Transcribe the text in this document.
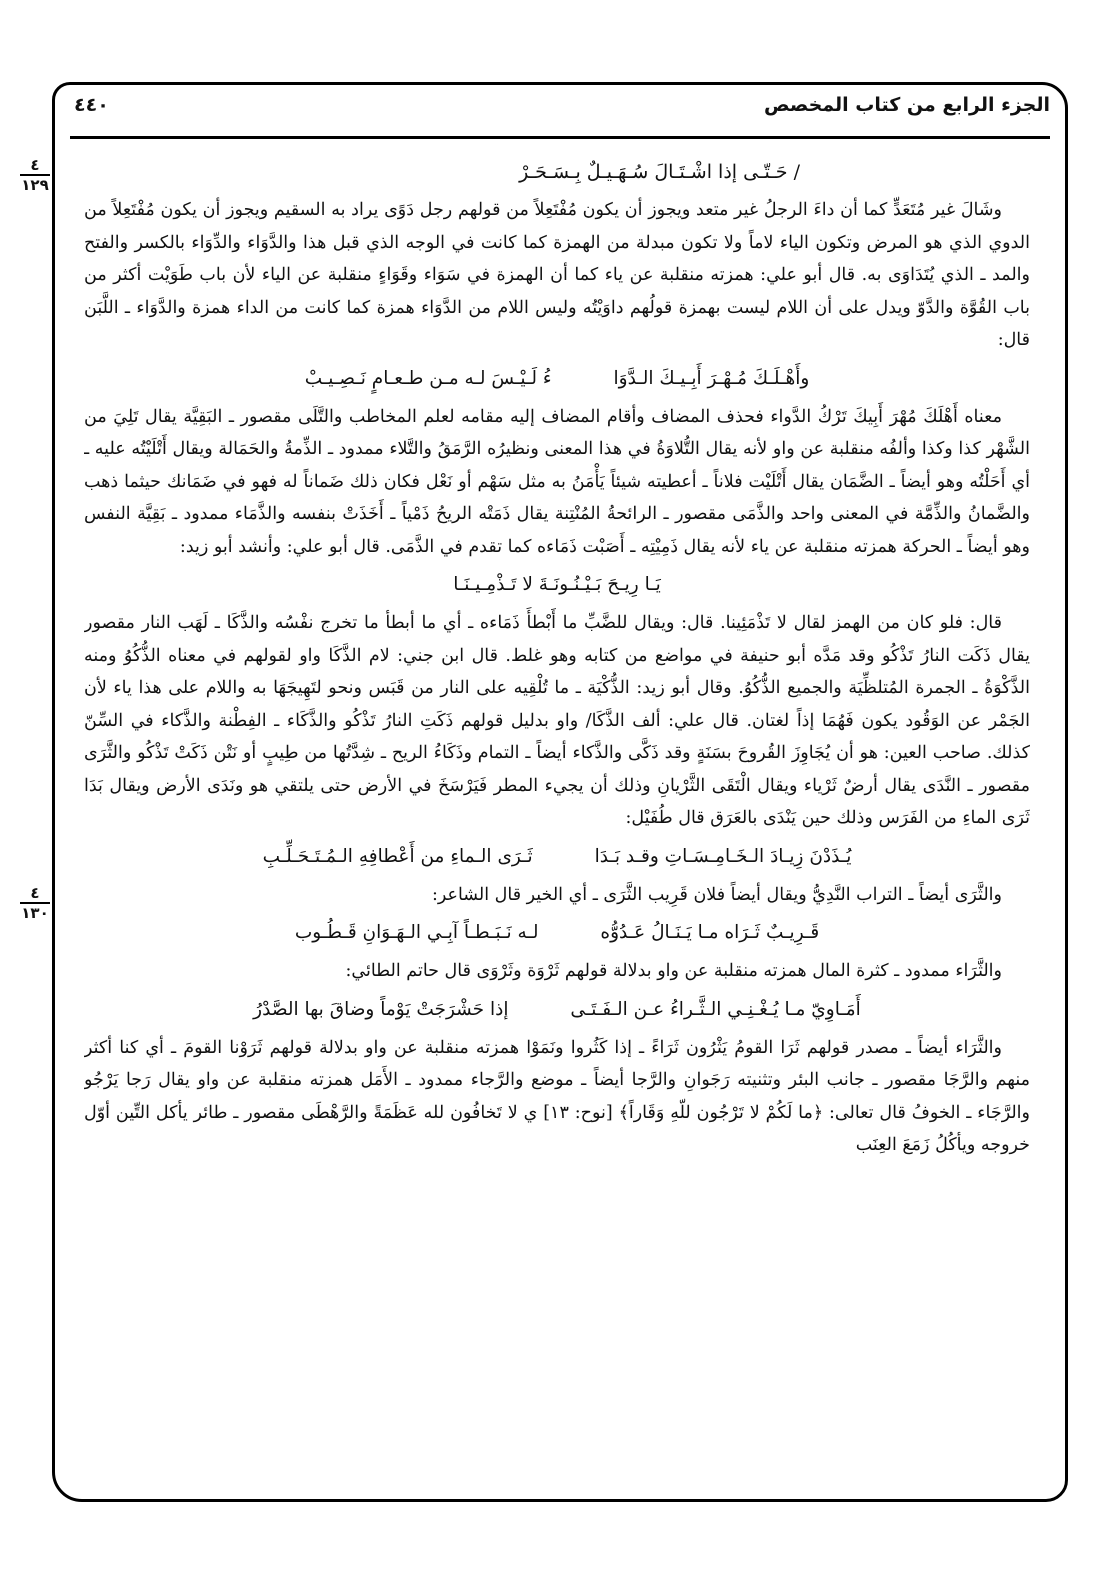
الجزء الرابع من كتاب المخصص
٤٤٠
٤
١٢٩
٤
١٣٠

/ حَـتّـى إذا اشْـتَـالَ سُـهَـيـلٌ بِـسَـحَـرْ

وشَالَ غير مُتَعَدٍّ كما أن داءَ الرجلُ غير متعد ويجوز أن يكون مُفْتَعِلاً من قولهم رجل دَوًى يراد به السقيم ويجوز أن يكون مُفْتَعِلاً من الدوي الذي هو المرض وتكون الياء لاماً ولا تكون مبدلة من الهمزة كما كانت في الوجه الذي قبل هذا والدَّوَاء والدِّوَاء بالكسر والفتح والمد ـ الذي يُتَدَاوَى به. قال أبو علي: همزته منقلبة عن ياء كما أن الهمزة في سَوَاء وقَوَاءٍ منقلبة عن الياء لأن باب طَوَيْت أكثر من باب القُوَّة والدَّوّ ويدل على أن اللام ليست بهمزة قولُهم داوَيْتُه وليس اللام من الدَّوَاء همزة كما كانت من الداء همزة والدَّوَاء ـ اللَّبَن قال:

وأَهْـلَـكَ مُـهْـرَ أَبِـيـكَ الـدَّوَا ءُ لَـيْـسَ لـه مـن طـعـامٍ نَـصِـيـبْ

معناه أَهْلَكَ مُهْرَ أَبِيكَ تَرْكُ الدَّواء فحذف المضاف وأقام المضاف إليه مقامه لعلم المخاطب والتَّلَى مقصور ـ البَقِيَّة يقال تَلِيَ من الشَّهْر كذا وكذا وألفُه منقلبة عن واو لأنه يقال التُّلاوَةُ في هذا المعنى ونظيرُه الرَّمَقُ والتَّلاء ممدود ـ الذِّمةُ والحَمَالة ويقال أَتْلَيْتُه عليه ـ أي أَحَلْتُه وهو أيضاً ـ الضَّمَان يقال أَتْلَيْت فلاناً ـ أعطيته شيئاً يَأْمَنُ به مثل سَهْم أو نَعْل فكان ذلك ضَماناً له فهو في ضَمَانك حيثما ذهب والضَّمانُ والذِّمَّة في المعنى واحد والذَّمَى مقصور ـ الرائحةُ المُنْتِنة يقال ذَمَتْه الريحُ ذَمْياً ـ أَخَذَتْ بنفسه والذَّمَاء ممدود ـ بَقِيَّة النفس وهو أيضاً ـ الحركة همزته منقلبة عن ياء لأنه يقال ذَمِيْتِه ـ أَصَبْت ذَمَاءه كما تقدم في الذَّمَى. قال أبو علي: وأنشد أبو زيد:

يَـا رِيـحَ بَـيْـنُـونَـةَ لا تَـذْمِـيـنَـا

قال: فلو كان من الهمز لقال لا تَذْمَئِينا. قال: ويقال للضَّبِّ ما أَبْطأَ ذَمَاءه ـ أي ما أبطأ ما تخرج نفْسُه والذَّكَا ـ لَهَب النار مقصور يقال ذَكَت النارُ تَذْكُو وقد مَدَّه أبو حنيفة في مواضع من كتابه وهو غلط. قال ابن جني: لام الذَّكَا واو لقولهم في معناه الذُّكُوُ ومنه الذَّكْوَةُ ـ الجمرة المُتلظِّيَة والجميع الذُّكُوُ. وقال أبو زيد: الذُّكْيَة ـ ما تُلْقِيه على النار من قَبَس ونحو لتَهِيجَهَا به واللام على هذا ياء لأن الجَمْر عن الوَقُود يكون فَهُمَا إذاً لغتان. قال علي: ألف الذَّكَا/ واو بدليل قولهم ذَكَتِ النارُ تَذْكُو والذَّكَاء ـ الفِطْنة والذَّكاء في السِّنّ كذلك. صاحب العين: هو أن يُجَاوِزَ القُروحَ بسَنَةٍ وقد ذَكَّى والذَّكاء أيضاً ـ التمام وذَكَاءُ الريح ـ شِدَّتُها من طِيبٍ أو نَتْن ذَكَتْ تَذْكُو والثَّرَى مقصور ـ النَّدَى يقال أرضٌ ثَرْياء ويقال الْتَقَى الثَّرْيانِ وذلك أن يجيء المطر فَيَرْسَخَ في الأرض حتى يلتقي هو ونَدَى الأرض ويقال بَدَا ثَرَى الماءِ من الفَرَس وذلك حين يَنْدَى بالعَرَق قال طُفَيْل:

يُـذَدْنَ زِيـادَ الـخَـامِـسَـاتِ وقـد بَـدَا ثَـرَى الـماءِ من أَعْطافِهِ الـمُـتَـحَـلِّـبِ

والثَّرَى أيضاً ـ التراب النَّدِيُّ ويقال أيضاً فلان قَرِيب الثَّرَى ـ أي الخير قال الشاعر:

قَـرِيـبٌ ثَـرَاه مـا يَـنَـالُ عَـدُوُّه لـه نَـبَـطـاً آبِـي الـهَـوَانِ قَـطُـوب

والثَّرَاء ممدود ـ كثرة المال همزته منقلبة عن واو بدلالة قولهم ثَرْوَة وثَرْوَى قال حاتم الطائي:

أَمَـاوِيّ مـا يُـغْـنِـي الـثَّـراءُ عـن الـفَـتَـى إذا حَشْرَجَتْ يَوْماً وضاقَ بها الصَّدْرُ

والثَّرَاء أيضاً ـ مصدر قولهم ثَرَا القومُ يَثْرُون ثَرَاءً ـ إذا كَثُروا ونَمَوْا همزته منقلبة عن واو بدلالة قولهم ثَرَوْنا القومَ ـ أي كنا أكثر منهم والرَّجَا مقصور ـ جانب البئر وتثنيته رَجَوانِ والرَّجا أيضاً ـ موضع والرَّجاء ممدود ـ الأَمَل همزته منقلبة عن واو يقال رَجا يَرْجُو والرَّجَاء ـ الخوفُ قال تعالى: ﴿ما لَكُمْ لا تَرْجُون للّهِ وَقَاراً﴾ [نوح: ١٣] ي لا تَخافُون لله عَظَمَةً والرَّهْطَى مقصور ـ طائر يأكل التِّين أوّل خروجه ويأكُلُ زَمَعَ العِنَب
